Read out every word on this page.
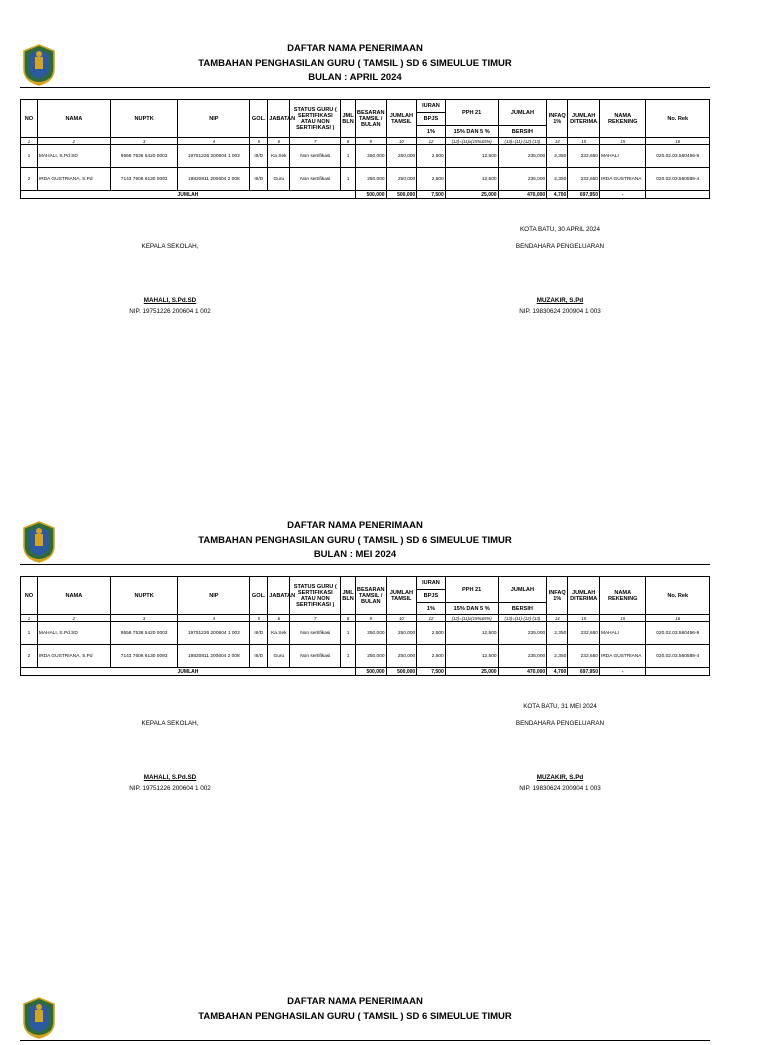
DAFTAR NAMA PENERIMAAN
TAMBAHAN PENGHASILAN GURU ( TAMSIL ) SD 6 SIMEULUE TIMUR
BULAN : APRIL 2024
NO	NAMA	NUPTK	NIP	GOL.	JABATAN	STATUS GURU ( SERTIFIKASI ATAU NON SERTIFIKASI )	JML BLN	BESARAN TAMSIL / BULAN	JUMLAH TAMSIL	IURAN	PPH 21	JUMLAH	INFAQ 1%	JUMLAH DITERIMA	NAMA REKENING	No. Rek
										BPJS						
										1%	15% DAN 5 %	BERSIH				
1	2	3	4	5	6	7	8	9	10	12	(12)=(11)x(15%&5%)	(13)=(11)-(12)-(13)	14	15	15	16
1	MAHALI, S.Pd.SD	9558 7536 5420 0003	19751226 200604 1 002	III/D	Ka.Sek	Non sertifikasi	1	250,000	250,000	2,500	12,500	235,000	2,350	232,650	MAHALI	020.02.03.560456-9
2	IRDA GUSTRIANA, S.Pd	7143 7606 6130 0093	19820811 200604 2 008	III/D	Guru	Non sertifikasi	1	250,000	250,000	2,500	12,500	235,000	2,350	232,650	IRDA GUSTRIANA	020.02.03.560588-4
JUMLAH								500,000	500,000	7,500	25,000	470,000	4,700	697,950	-	
KOTA BATU, 30 APRIL 2024
KEPALA SEKOLAH,	BENDAHARA PENGELUARAN
MAHALI, S.Pd.SD	MUZAKIR, S.Pd
NIP. 19751226 200604 1 002	NIP. 19830624 200904 1 003
DAFTAR NAMA PENERIMAAN
TAMBAHAN PENGHASILAN GURU ( TAMSIL ) SD 6 SIMEULUE TIMUR
BULAN : MEI 2024
NO	NAMA	NUPTK	NIP	GOL.	JABATAN	STATUS GURU ( SERTIFIKASI ATAU NON SERTIFIKASI )	JML BLN	BESARAN TAMSIL / BULAN	JUMLAH TAMSIL	IURAN	PPH 21	JUMLAH	INFAQ 1%	JUMLAH DITERIMA	NAMA REKENING	No. Rek
										BPJS						
										1%	15% DAN 5 %	BERSIH				
1	2	3	4	5	6	7	8	9	10	12	(12)=(11)x(15%&5%)	(13)=(11)-(12)-(13)	14	15	15	16
1	MAHALI, S.Pd.SD	9558 7536 5420 0003	19751226 200604 1 002	III/D	Ka.Sek	Non sertifikasi	1	250,000	250,000	2,500	12,500	235,000	2,350	232,650	MAHALI	020.02.03.560456-9
2	IRDA GUSTRIANA, S.Pd	7143 7606 6130 0093	19820811 200604 2 008	III/D	Guru	Non sertifikasi	1	250,000	250,000	2,500	12,500	235,000	2,350	232,650	IRDA GUSTRIANA	020.02.03.560588-4
JUMLAH								500,000	500,000	7,500	25,000	470,000	4,700	697,950	-	
KOTA BATU, 31 MEI 2024
KEPALA SEKOLAH,	BENDAHARA PENGELUARAN
MAHALI, S.Pd.SD	MUZAKIR, S.Pd
NIP. 19751226 200604 1 002	NIP. 19830624 200904 1 003
DAFTAR NAMA PENERIMAAN
TAMBAHAN PENGHASILAN GURU ( TAMSIL ) SD 6 SIMEULUE TIMUR
